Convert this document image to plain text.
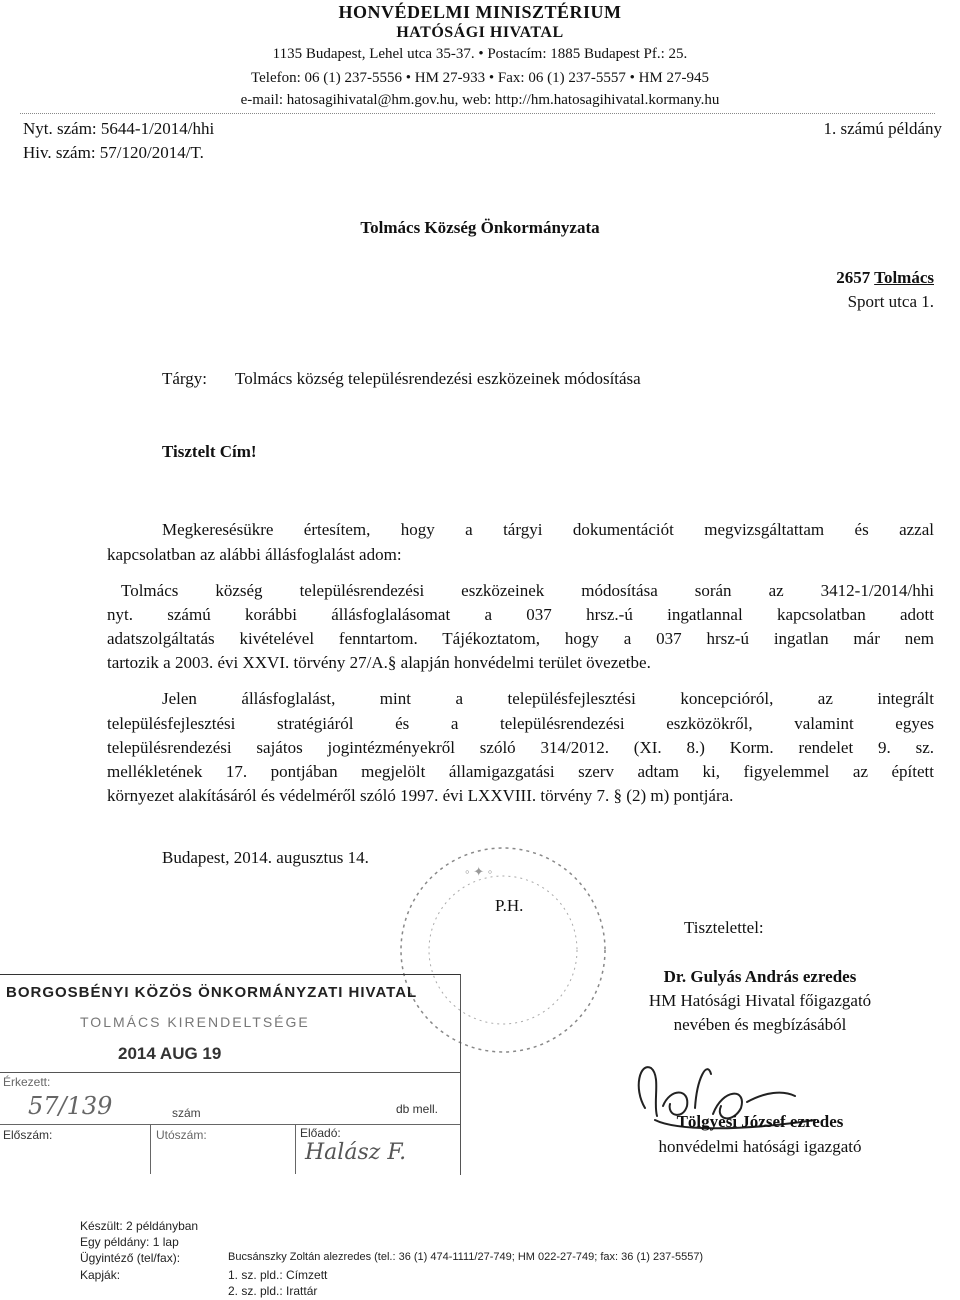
HONVÉDELMI MINISZTÉRIUM
HATÓSÁGI HIVATAL
1135 Budapest, Lehel utca 35-37. • Postacím: 1885 Budapest Pf.: 25.
Telefon: 06 (1) 237-5556 • HM 27-933 • Fax: 06 (1) 237-5557 • HM 27-945
e-mail: hatosagihivatal@hm.gov.hu, web: http://hm.hatosagihivatal.kormany.hu
Nyt. szám: 5644-1/2014/hhi
Hiv. szám: 57/120/2014/T.
1. számú példány
Tolmács Község Önkormányzata
2657 Tolmács
Sport utca 1.
Tárgy: Tolmács község településrendezési eszközeinek módosítása
Tisztelt Cím!
Megkeresésükre értesítem, hogy a tárgyi dokumentációt megvizsgáltattam és azzal
kapcsolatban az alábbi állásfoglalást adom:
Tolmács község településrendezési eszközeinek módosítása során az 3412-1/2014/hhi
nyt. számú korábbi állásfoglalásomat a 037 hrsz.-ú ingatlannal kapcsolatban adott
adatszolgáltatás kivételével fenntartom. Tájékoztatom, hogy a 037 hrsz-ú ingatlan már nem
tartozik a 2003. évi XXVI. törvény 27/A.§ alapján honvédelmi terület övezetbe.
Jelen állásfoglalást, mint a településfejlesztési koncepcióról, az integrált
településfejlesztési stratégiáról és a településrendezési eszközökről, valamint egyes
településrendezési sajátos jogintézményekről szóló 314/2012. (XI. 8.) Korm. rendelet 9. sz.
mellékletének 17. pontjában megjelölt államigazgatási szerv adtam ki, figyelemmel az épített
környezet alakításáról és védelméről szóló 1997. évi LXXVIII. törvény 7. § (2) m) pontjára.
Budapest, 2014. augusztus 14.
◦ ✦ ◦
P.H.
Tisztelettel:
Dr. Gulyás András ezredes
HM Hatósági Hivatal főigazgató
nevében és megbízásából
Tölgyesi József ezredes
honvédelmi hatósági igazgató
BORGOSBÉNYI KÖZÖS ÖNKORMÁNYZATI HIVATAL
TOLMÁCS KIRENDELTSÉGE
2014 AUG 19
Érkezett:
57/139	szám	db mell.
Előszám:	Utószám:	Előadó:
Halász F.
Készült: 2 példányban
Egy példány: 1 lap
Ügyintéző (tel/fax):	Bucsánszky Zoltán alezredes (tel.: 36 (1) 474-1111/27-749; HM 022-27-749; fax: 36 (1) 237-5557)
Kapják:	1. sz. pld.: Címzett
2. sz. pld.: Irattár
